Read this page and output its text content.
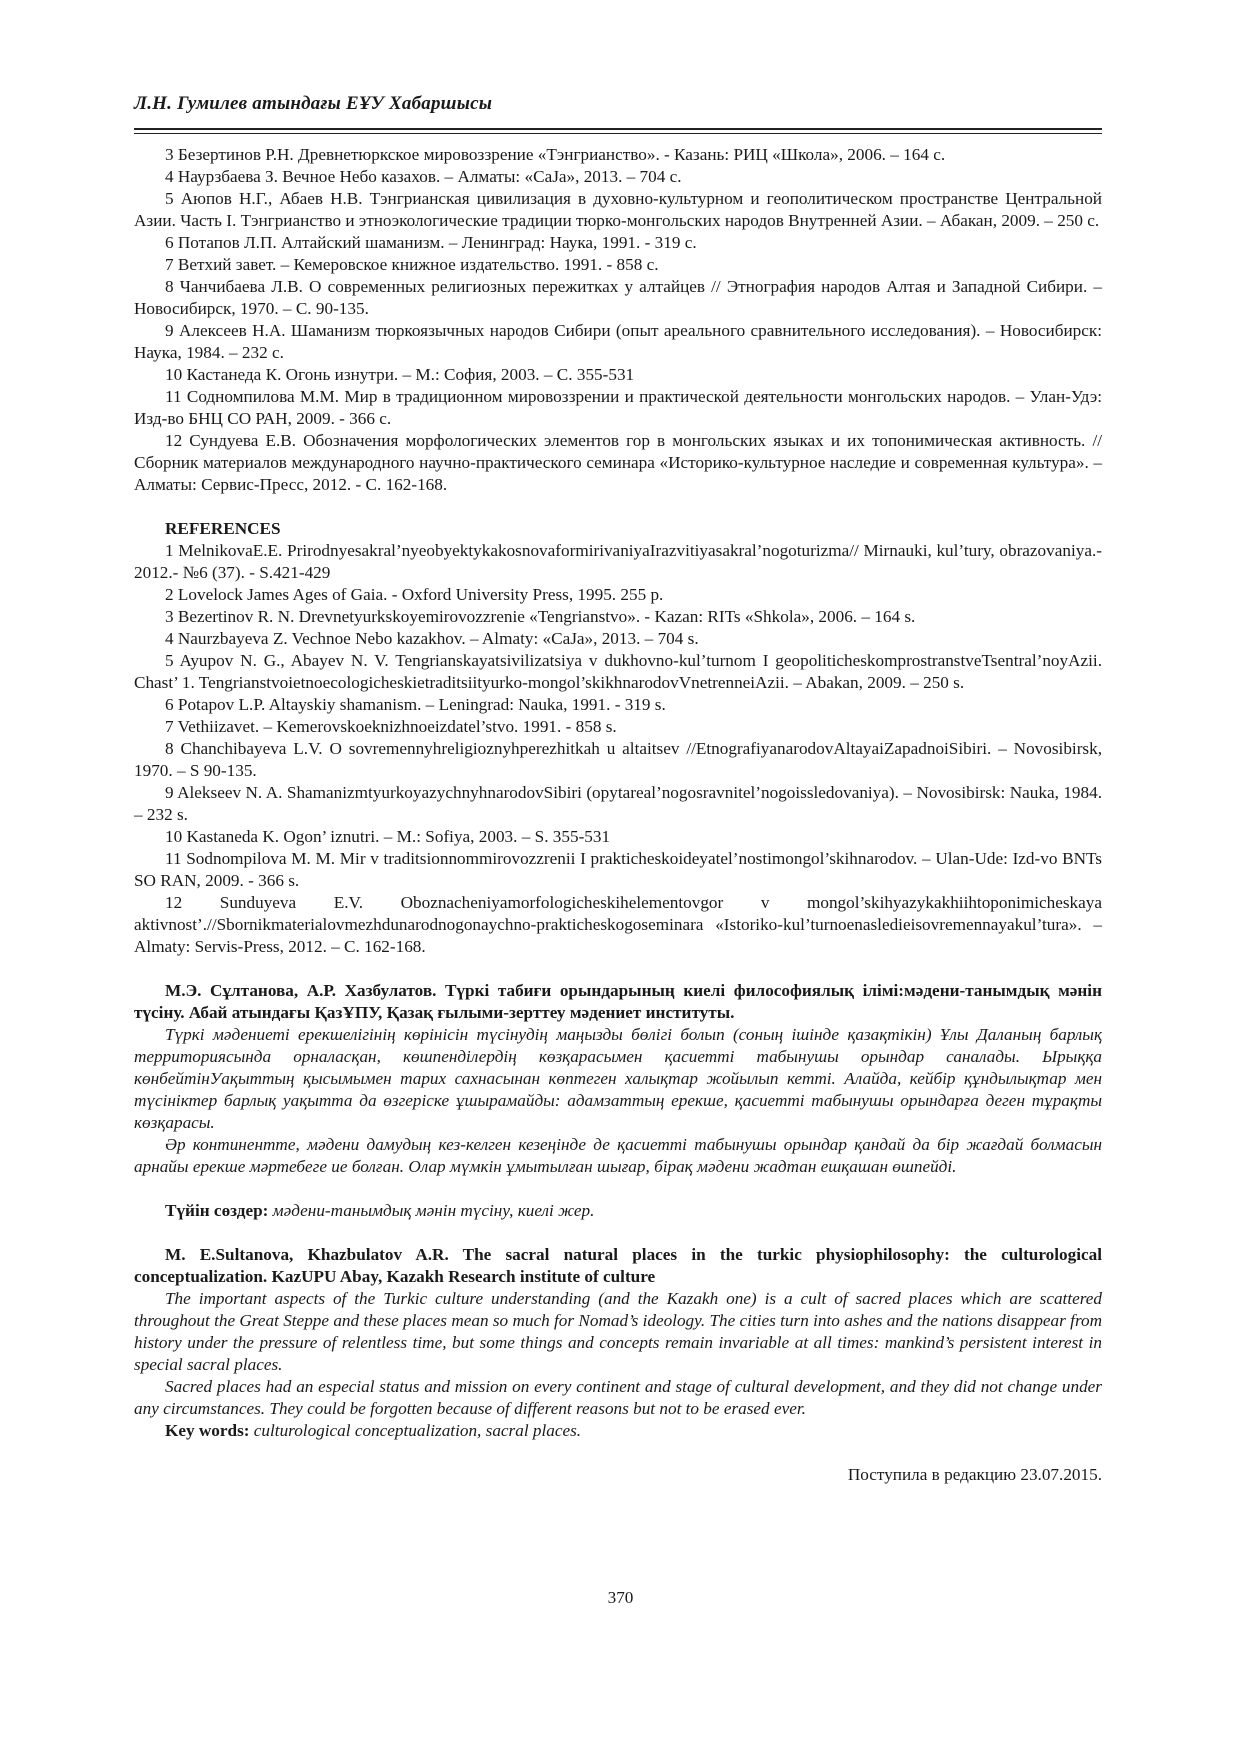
Л.Н. Гумилев атындағы ЕҰУ Хабаршысы

3 Безертинов Р.Н. Древнетюркское мировоззрение «Тэнгрианство». - Казань: РИЦ «Школа», 2006. – 164 с.

4 Наурзбаева З. Вечное Небо казахов. – Алматы: «СаJа», 2013. – 704 с.

5 Аюпов Н.Г., Абаев Н.В. Тэнгрианская цивилизация в духовно-культурном и геополитическом пространстве Центральной Азии. Часть I. Тэнгрианство и этноэкологические традиции тюрко-монгольских народов Внутренней Азии. – Абакан, 2009. – 250 с.

6 Потапов Л.П. Алтайский шаманизм. – Ленинград: Наука, 1991. - 319 с.

7 Ветхий завет. – Кемеровское книжное издательство. 1991. - 858 с.

8 Чанчибаева Л.В. О современных религиозных пережитках у алтайцев // Этнография народов Алтая и Западной Сибири. – Новосибирск, 1970. – С. 90-135.

9 Алексеев Н.А. Шаманизм тюркоязычных народов Сибири (опыт ареального сравнительного исследования). – Новосибирск: Наука, 1984. – 232 с.

10 Кастанеда К. Огонь изнутри. – М.: София, 2003. – С. 355-531

11 Содномпилова М.М. Мир в традиционном мировоззрении и практической деятельности монгольских народов. – Улан-Удэ: Изд-во БНЦ СО РАН, 2009. - 366 с.

12 Сундуева Е.В. Обозначения морфологических элементов гор в монгольских языках и их топонимическая активность. // Сборник материалов международного научно-практического семинара «Историко-культурное наследие и современная культура». – Алматы: Сервис-Пресс, 2012. - С. 162-168.

REFERENCES

1 MelnikovaE.E. Prirodnyesakral’nyeobyektykakosnovaformirivaniyaIrazvitiyasakral’nogoturizma// Mirnauki, kul’tury, obrazovaniya.- 2012.- №6 (37). - S.421-429

2 Lovelock James Ages of Gaia. - Oxford University Press, 1995. 255 p.

3 Bezertinov R. N. Drevnetyurkskoyemirovozzrenie «Tengrianstvo». - Kazan: RITs «Shkola», 2006. – 164 s.

4 Naurzbayeva Z. Vechnoe Nebo kazakhov. – Almaty: «CaJa», 2013. – 704 s.

5 Ayupov N. G., Abayev N. V. Tengrianskayatsivilizatsiya v dukhovno-kul’turnom I geopoliticheskomprostranstveTsentral’noyAzii. Chast’ 1. Tengrianstvoietnoecologicheskietraditsiityurko-mongol’skikhnarodovVnetrenneiAzii. – Abakan, 2009. – 250 s.

6 Potapov L.P. Altayskiy shamanism. – Leningrad: Nauka, 1991. - 319 s.

7 Vethiizavet. – Kemerovskoeknizhnoeizdatel’stvo. 1991. - 858 s.

8 Chanchibayeva L.V. O sovremennyhreligioznyhperezhitkah u altaitsev //EtnografiyanarodovAltayaiZapadnoiSibiri. – Novosibirsk, 1970. – S 90-135.

9 Alekseev N. A. ShamanizmtyurkoyazychnyhnarodovSibiri (opytareal’nogosravnitel’nogoissledovaniya). – Novosibirsk: Nauka, 1984. – 232 s.

10 Kastaneda K. Ogon’ iznutri. – M.: Sofiya, 2003. – S. 355-531

11 Sodnompilova M. M. Mir v traditsionnommirovozzrenii I prakticheskoideyatel’nostimongol’skihnarodov. – Ulan-Ude: Izd-vo BNTs SO RAN, 2009. - 366 s.

12 Sunduyeva E.V. Oboznacheniyamorfologicheskihelementovgor v mongol’skihyazykakhiihtoponimicheskaya aktivnost’.//Sbornikmaterialovmezhdunarodnogonaychno-prakticheskogoseminara «Istoriko-kul’turnoenasledieisovremennayakul’tura». – Almaty: Servis-Press, 2012. – C. 162-168.

М.Э. Сұлтанова, А.Р. Хазбулатов. Түркі табиғи орындарының киелі философиялық ілімі:мәдени-танымдық мәнін түсіну. Абай атындағы ҚазҰПУ, Қазақ ғылыми-зерттеу мәдениет институты.

Түркі мәдениеті ерекшелігінің көрінісін түсінудің маңызды бөлігі болып (соның ішінде қазақтікін) Ұлы Даланың барлық территориясында орналасқан, көшпенділердің көзқарасымен қасиетті табынушы орындар саналады. Ырыққа көнбейтінУақыттың қысымымен тарих сахнасынан көптеген халықтар жойылып кетті. Алайда, кейбір құндылықтар мен түсініктер барлық уақытта да өзгеріске ұшырамайды: адамзаттың ерекше, қасиетті табынушы орындарға деген тұрақты көзқарасы.

Әр континентте, мәдени дамудың кез-келген кезеңінде де қасиетті табынушы орындар қандай да бір жағдай болмасын арнайы ерекше мәртебеге ие болған. Олар мүмкін ұмытылған шығар, бірақ мәдени жадтан ешқашан өшпейді.

Түйін сөздер: мәдени-танымдық мәнін түсіну, киелі жер.

M. E.Sultanova, Khazbulatov A.R. The sacral natural places in the turkic physiophilosophy: the culturological conceptualization. KazUPU Abay, Kazakh Research institute of culture

The important aspects of the Turkic culture understanding (and the Kazakh one) is a cult of sacred places which are scattered throughout the Great Steppe and these places mean so much for Nomad’s ideology. The cities turn into ashes and the nations disappear from history under the pressure of relentless time, but some things and concepts remain invariable at all times: mankind’s persistent interest in special sacral places.

Sacred places had an especial status and mission on every continent and stage of cultural development, and they did not change under any circumstances. They could be forgotten because of different reasons but not to be erased ever.

Key words: culturological conceptualization, sacral places.

Поступила в редакцию 23.07.2015.

370
